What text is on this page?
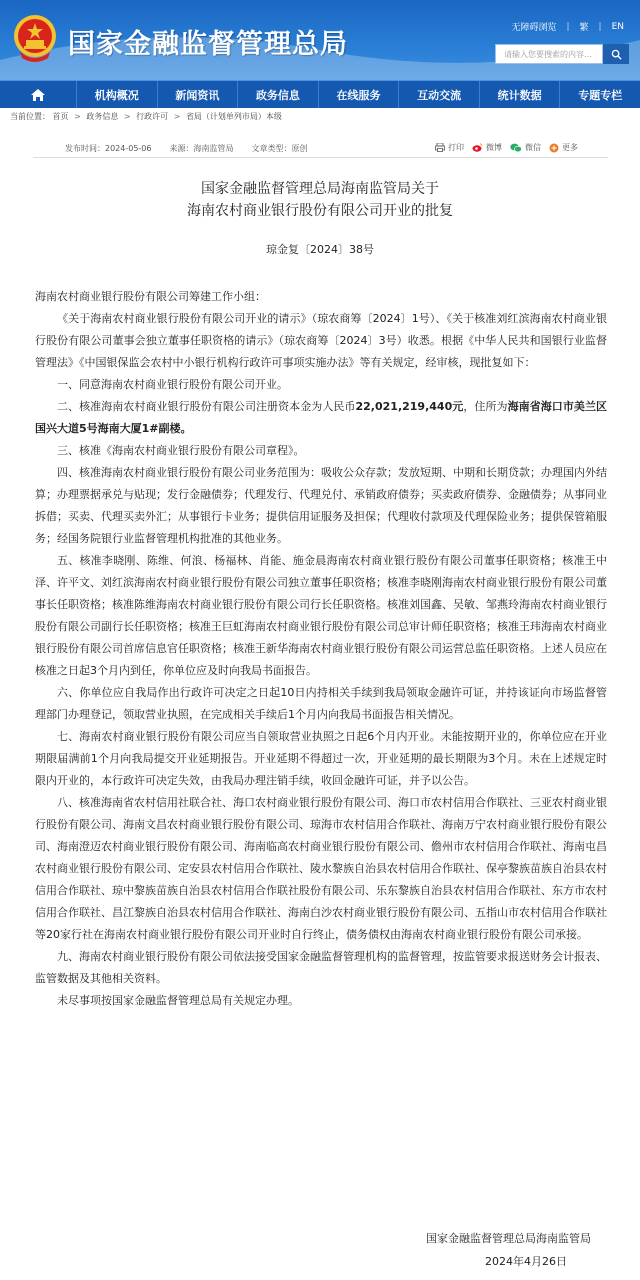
国家金融监督管理总局
无障碍浏览 | 繁 | EN
请输入您要搜索的内容...
机构概况	新闻资讯	政务信息	在线服务	互动交流	统计数据	专题专栏
当前位置： 首页 > 政务信息 > 行政许可 > 省局（计划单列市局）本级
发布时间：2024-05-06 来源：海南监管局 文章类型：原创	打印	微博	微信	更多
国家金融监督管理总局海南监管局关于
海南农村商业银行股份有限公司开业的批复
琼金复〔2024〕38号

海南农村商业银行股份有限公司筹建工作小组：

《关于海南农村商业银行股份有限公司开业的请示》（琼农商筹〔2024〕1号）、《关于核准刘红滨海南农村商业银行股份有限公司董事会独立董事任职资格的请示》（琼农商筹〔2024〕3号）收悉。根据《中华人民共和国银行业监督管理法》《中国银保监会农村中小银行机构行政许可事项实施办法》等有关规定，经审核，现批复如下：

一、同意海南农村商业银行股份有限公司开业。

二、核准海南农村商业银行股份有限公司注册资本金为人民币22,021,219,440元，住所为海南省海口市美兰区国兴大道5号海南大厦1#副楼。

三、核准《海南农村商业银行股份有限公司章程》。

四、核准海南农村商业银行股份有限公司业务范围为：吸收公众存款；发放短期、中期和长期贷款；办理国内外结算；办理票据承兑与贴现；发行金融债券；代理发行、代理兑付、承销政府债券；买卖政府债券、金融债券；从事同业拆借；买卖、代理买卖外汇；从事银行卡业务；提供信用证服务及担保；代理收付款项及代理保险业务；提供保管箱服务；经国务院银行业监督管理机构批准的其他业务。

五、核准李晓刚、陈维、何浪、杨福林、肖能、施金晨海南农村商业银行股份有限公司董事任职资格；核准王中泽、许平文、刘红滨海南农村商业银行股份有限公司独立董事任职资格；核准李晓刚海南农村商业银行股份有限公司董事长任职资格；核准陈维海南农村商业银行股份有限公司行长任职资格。核准刘国鑫、吴敏、邹燕玲海南农村商业银行股份有限公司副行长任职资格；核准王巨虹海南农村商业银行股份有限公司总审计师任职资格；核准王玮海南农村商业银行股份有限公司首席信息官任职资格；核准王新华海南农村商业银行股份有限公司运营总监任职资格。上述人员应在核准之日起3个月内到任，你单位应及时向我局书面报告。

六、你单位应自我局作出行政许可决定之日起10日内持相关手续到我局领取金融许可证，并持该证向市场监督管理部门办理登记，领取营业执照，在完成相关手续后1个月内向我局书面报告相关情况。

七、海南农村商业银行股份有限公司应当自领取营业执照之日起6个月内开业。未能按期开业的，你单位应在开业期限届满前1个月向我局提交开业延期报告。开业延期不得超过一次，开业延期的最长期限为3个月。未在上述规定时限内开业的，本行政许可决定失效，由我局办理注销手续，收回金融许可证，并予以公告。

八、核准海南省农村信用社联合社、海口农村商业银行股份有限公司、海口市农村信用合作联社、三亚农村商业银行股份有限公司、海南文昌农村商业银行股份有限公司、琼海市农村信用合作联社、海南万宁农村商业银行股份有限公司、海南澄迈农村商业银行股份有限公司、海南临高农村商业银行股份有限公司、儋州市农村信用合作联社、海南屯昌农村商业银行股份有限公司、定安县农村信用合作联社、陵水黎族自治县农村信用合作联社、保亭黎族苗族自治县农村信用合作联社、琼中黎族苗族自治县农村信用合作联社股份有限公司、乐东黎族自治县农村信用合作联社、东方市农村信用合作联社、昌江黎族自治县农村信用合作联社、海南白沙农村商业银行股份有限公司、五指山市农村信用合作联社等20家行社在海南农村商业银行股份有限公司开业时自行终止，债务债权由海南农村商业银行股份有限公司承接。

九、海南农村商业银行股份有限公司依法接受国家金融监督管理机构的监督管理，按监管要求报送财务会计报表、监管数据及其他相关资料。

未尽事项按国家金融监督管理总局有关规定办理。

国家金融监督管理总局海南监管局
2024年4月26日
